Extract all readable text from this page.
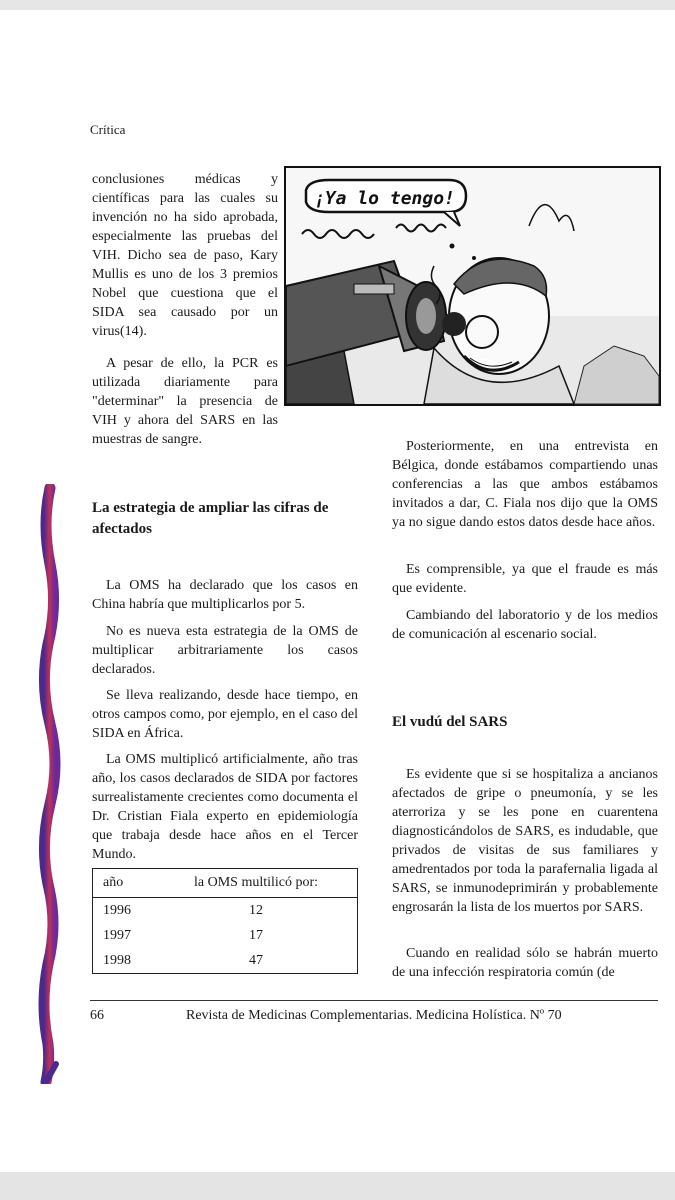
Crítica

conclusiones médicas y científicas para las cuales su invención no ha sido aprobada, especialmente las pruebas del VIH. Dicho sea de paso, Kary Mullis es uno de los 3 premios Nobel que cuestiona que el SIDA sea causado por un virus(14).

A pesar de ello, la PCR es utilizada diariamente para "determinar" la presencia de VIH y ahora del SARS en las muestras de sangre.

La estrategia de ampliar las cifras de afectados

La OMS ha declarado que los casos en China habría que multiplicarlos por 5.

No es nueva esta estrategia de la OMS de multiplicar arbitrariamente los casos declarados.

Se lleva realizando, desde hace tiempo, en otros campos como, por ejemplo, en el caso del SIDA en África.

La OMS multiplicó artificialmente, año tras año, los casos declarados de SIDA por factores surrealistamente crecientes como documenta el Dr. Cristian Fiala experto en epidemiología que trabaja desde hace años en el Tercer Mundo.

año	la OMS multilicó por:
1996	12
1997	17
1998	47
¡Ya lo tengo!

Posteriormente, en una entrevista en Bélgica, donde estábamos compartiendo unas conferencias a las que ambos estábamos invitados a dar, C. Fiala nos dijo que la OMS ya no sigue dando estos datos desde hace años.

Es comprensible, ya que el fraude es más que evidente.

Cambiando del laboratorio y de los medios de comunicación al escenario social.

El vudú del SARS

Es evidente que si se hospitaliza a ancianos afectados de gripe o pneumonía, y se les aterroriza y se les pone en cuarentena diagnosticándolos de SARS, es indudable, que privados de visitas de sus familiares y amedrentados por toda la parafernalia ligada al SARS, se inmunodeprimirán y probablemente engrosarán la lista de los muertos por SARS.

Cuando en realidad sólo se habrán muerto de una infección respiratoria común (de

66	Revista de Medicinas Complementarias. Medicina Holística. Nº 70
